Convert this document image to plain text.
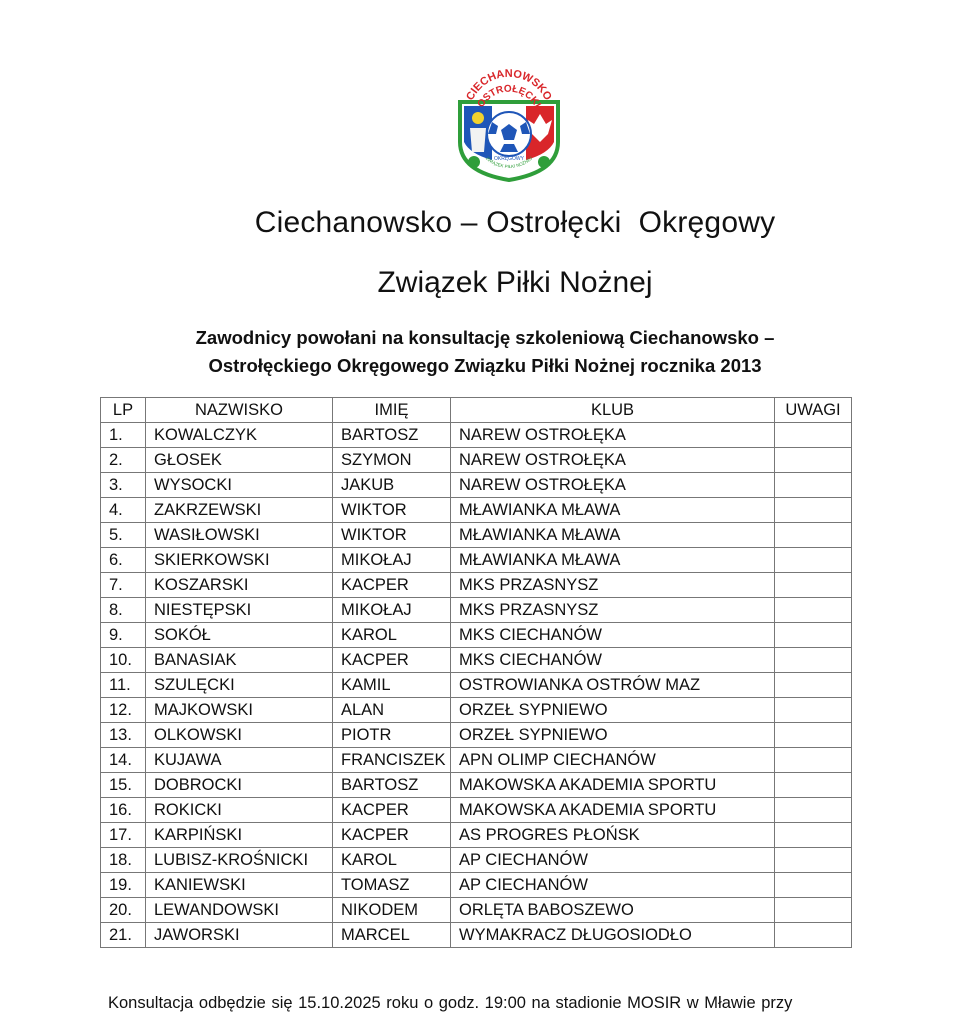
CIECHANOWSKO
OSTROŁĘCKI
OKRĘGOWY
ZWIĄZEK PIŁKI NOŻNEJ
Ciechanowsko – Ostrołęcki  Okręgowy
Związek Piłki Nożnej
Zawodnicy powołani na konsultację szkoleniową Ciechanowsko –
Ostrołęckiego Okręgowego Związku Piłki Nożnej rocznika 2013
LP	NAZWISKO	IMIĘ	KLUB	UWAGI
1.	KOWALCZYK	BARTOSZ	NAREW OSTROŁĘKA	
2.	GŁOSEK	SZYMON	NAREW OSTROŁĘKA	
3.	WYSOCKI	JAKUB	NAREW OSTROŁĘKA	
4.	ZAKRZEWSKI	WIKTOR	MŁAWIANKA MŁAWA	
5.	WASIŁOWSKI	WIKTOR	MŁAWIANKA MŁAWA	
6.	SKIERKOWSKI	MIKOŁAJ	MŁAWIANKA MŁAWA	
7.	KOSZARSKI	KACPER	MKS PRZASNYSZ	
8.	NIESTĘPSKI	MIKOŁAJ	MKS PRZASNYSZ	
9.	SOKÓŁ	KAROL	MKS CIECHANÓW	
10.	BANASIAK	KACPER	MKS CIECHANÓW	
11.	SZULĘCKI	KAMIL	OSTROWIANKA OSTRÓW MAZ	
12.	MAJKOWSKI	ALAN	ORZEŁ SYPNIEWO	
13.	OLKOWSKI	PIOTR	ORZEŁ SYPNIEWO	
14.	KUJAWA	FRANCISZEK	APN OLIMP CIECHANÓW	
15.	DOBROCKI	BARTOSZ	MAKOWSKA AKADEMIA SPORTU	
16.	ROKICKI	KACPER	MAKOWSKA AKADEMIA SPORTU	
17.	KARPIŃSKI	KACPER	AS PROGRES PŁOŃSK	
18.	LUBISZ-KROŚNICKI	KAROL	AP CIECHANÓW	
19.	KANIEWSKI	TOMASZ	AP CIECHANÓW	
20.	LEWANDOWSKI	NIKODEM	ORLĘTA BABOSZEWO	
21.	JAWORSKI	MARCEL	WYMAKRACZ DŁUGOSIODŁO	
Konsultacja odbędzie się 15.10.2025 roku o godz. 19:00 na stadionie MOSIR w Mławie przy
